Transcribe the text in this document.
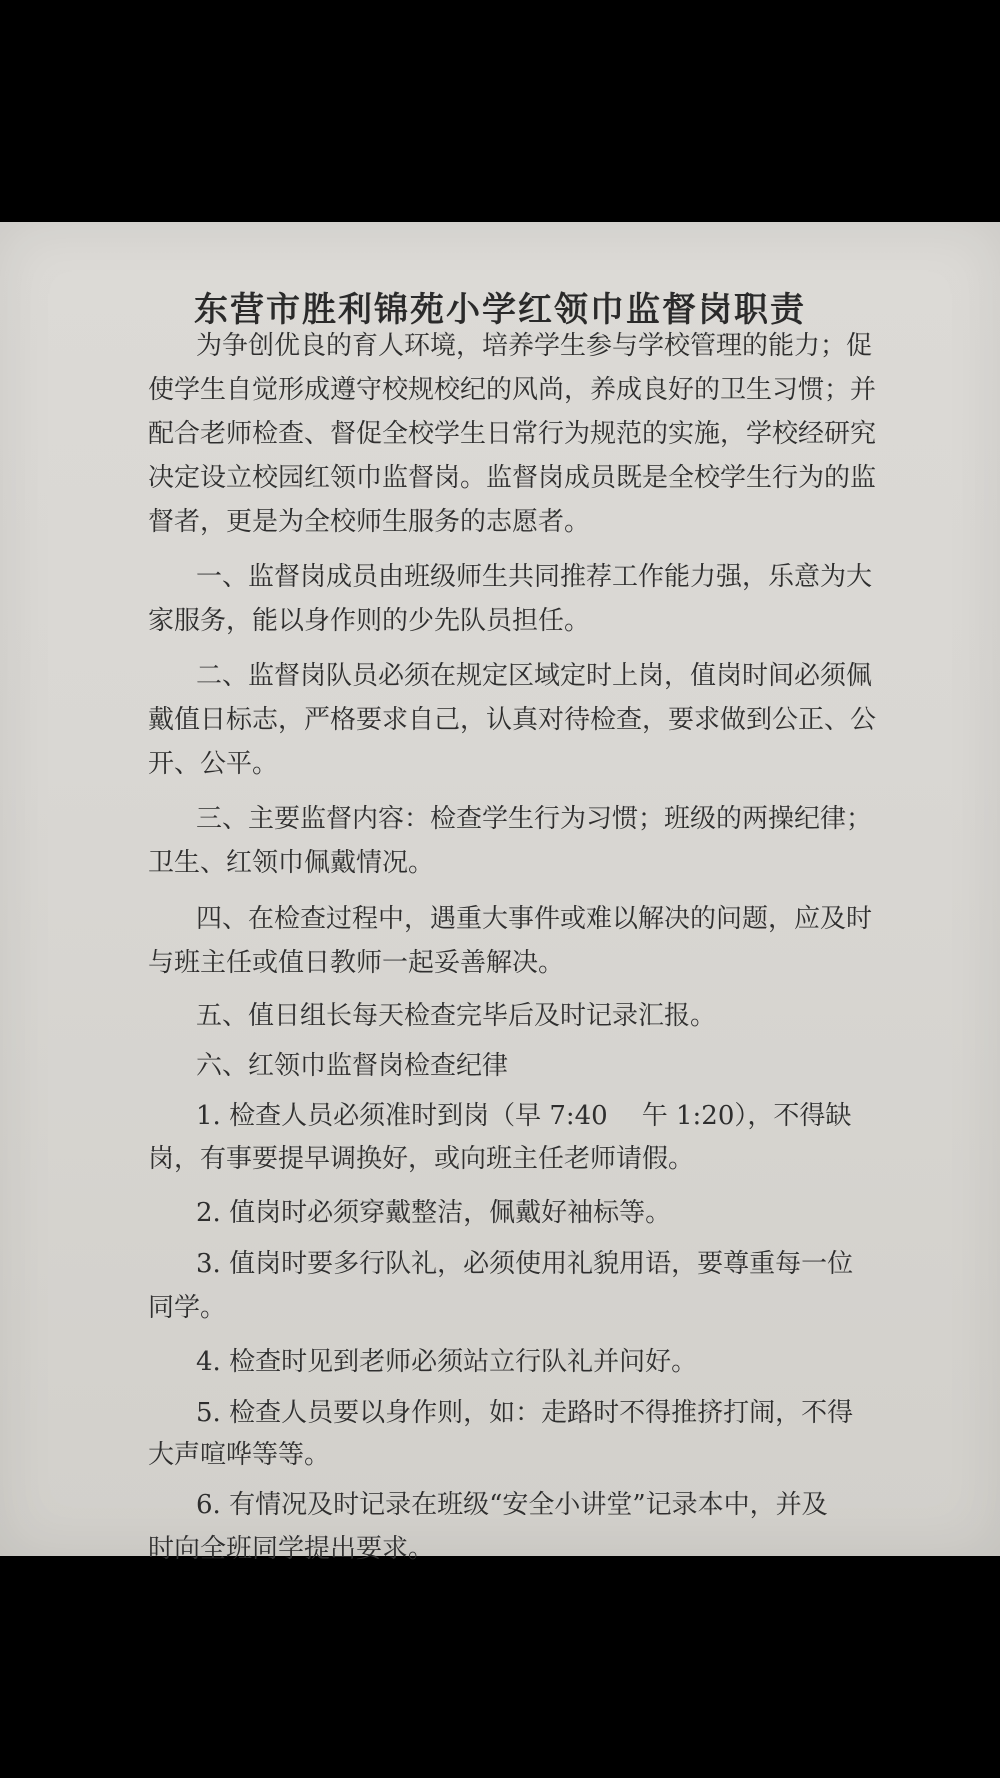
东营市胜利锦苑小学红领巾监督岗职责
为争创优良的育人环境，培养学生参与学校管理的能力；促
使学生自觉形成遵守校规校纪的风尚，养成良好的卫生习惯；并
配合老师检查、督促全校学生日常行为规范的实施，学校经研究
决定设立校园红领巾监督岗。监督岗成员既是全校学生行为的监
督者，更是为全校师生服务的志愿者。
一、监督岗成员由班级师生共同推荐工作能力强，乐意为大
家服务，能以身作则的少先队员担任。
二、监督岗队员必须在规定区域定时上岗，值岗时间必须佩
戴值日标志，严格要求自己，认真对待检查，要求做到公正、公
开、公平。
三、主要监督内容：检查学生行为习惯；班级的两操纪律；
卫生、红领巾佩戴情况。
四、在检查过程中，遇重大事件或难以解决的问题，应及时
与班主任或值日教师一起妥善解决。
五、值日组长每天检查完毕后及时记录汇报。
六、红领巾监督岗检查纪律
1. 检查人员必须准时到岗（早 7:40 午 1:20），不得缺
岗，有事要提早调换好，或向班主任老师请假。
2. 值岗时必须穿戴整洁，佩戴好袖标等。
3. 值岗时要多行队礼，必须使用礼貌用语，要尊重每一位
同学。
4. 检查时见到老师必须站立行队礼并问好。
5. 检查人员要以身作则，如：走路时不得推挤打闹，不得
大声喧哗等等。
6. 有情况及时记录在班级“安全小讲堂”记录本中，并及
时向全班同学提出要求。
